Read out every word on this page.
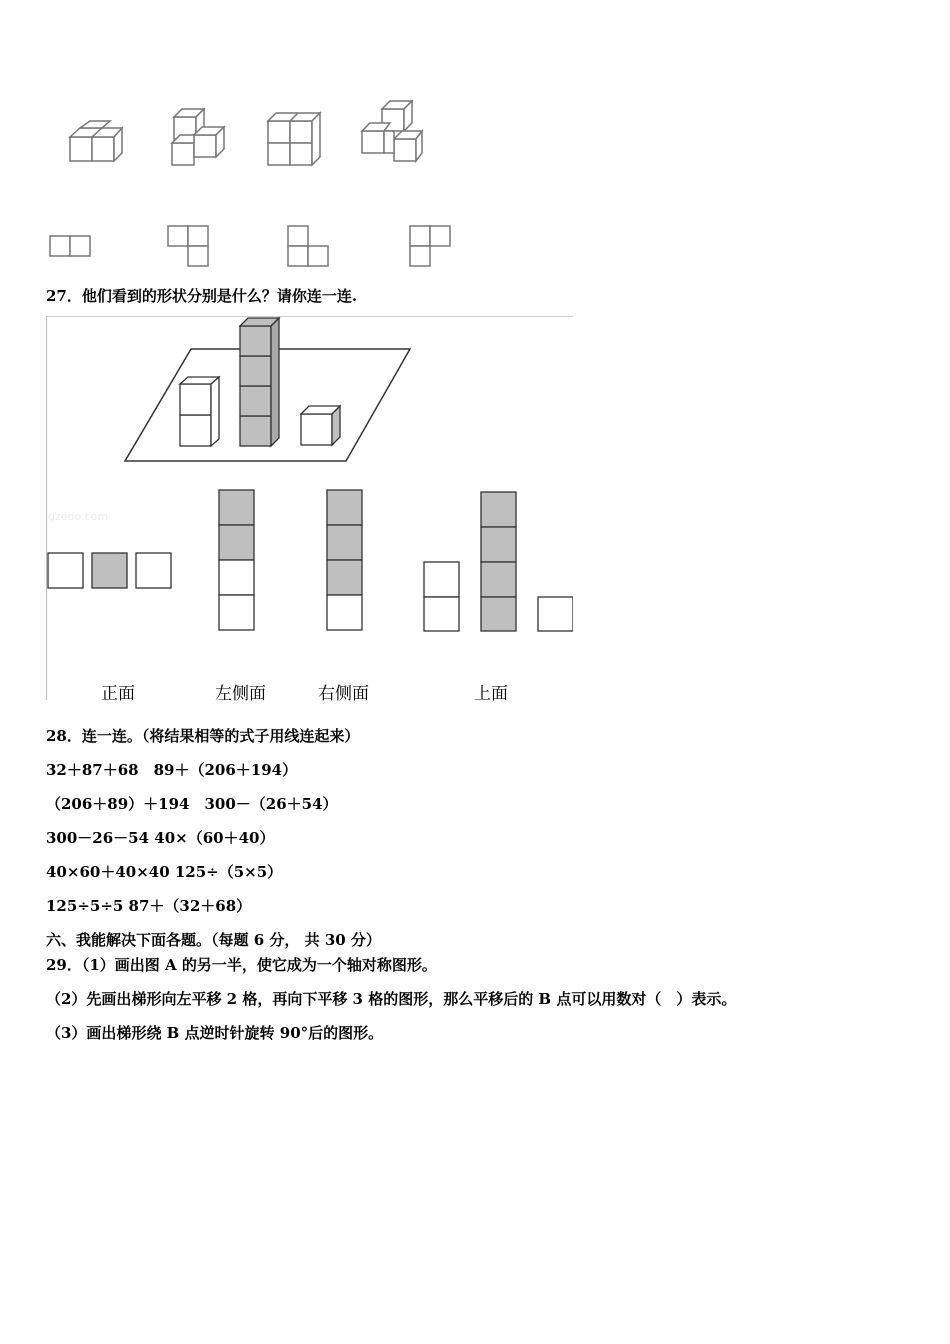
27．他们看到的形状分别是什么？请你连一连.
gzedo.com
正面	左侧面	右侧面	上面
28．连一连。（将结果相等的式子用线连起来）
32＋87＋68　89＋（206＋194）
（206＋89）＋194　300－（26＋54）
300－26－54 40×（60＋40）
40×60＋40×40 125÷（5×5）
125÷5÷5 87＋（32＋68）
六、我能解决下面各题。（每题 6 分， 共 30 分）
29．（1）画出图 A 的另一半，使它成为一个轴对称图形。
（2）先画出梯形向左平移 2 格，再向下平移 3 格的图形，那么平移后的 B 点可以用数对（　）表示。
（3）画出梯形绕 B 点逆时针旋转 90°后的图形。
